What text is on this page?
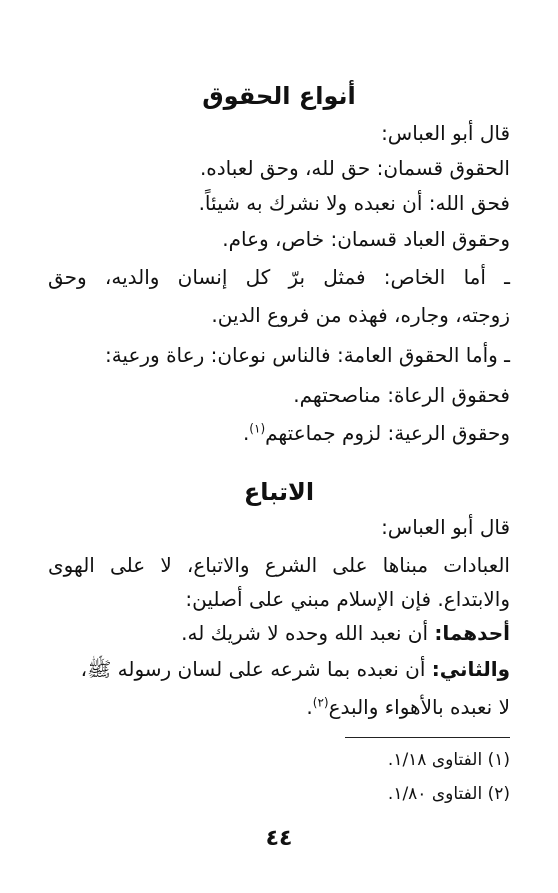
أنواع الحقوق
قال أبو العباس:
الحقوق قسمان: حق لله، وحق لعباده.
فحق الله: أن نعبده ولا نشرك به شيئاً.
وحقوق العباد قسمان: خاص، وعام.
ـ أما الخاص: فمثل برّ كل إنسان والديه، وحق
زوجته، وجاره، فهذه من فروع الدين.
ـ وأما الحقوق العامة: فالناس نوعان: رعاة ورعية:
فحقوق الرعاة: مناصحتهم.
وحقوق الرعية: لزوم جماعتهم$^{(١)}$.
الاتباع
قال أبو العباس:
العبادات مبناها على الشرع والاتباع، لا على الهوى
والابتداع. فإن الإسلام مبني على أصلين:
أحدهما: أن نعبد الله وحده لا شريك له.
والثاني: أن نعبده بما شرعه على لسان رسوله ﷺ،
لا نعبده بالأهواء والبدع$^{(٢)}$.
(١) الفتاوى ١/١٨.
(٢) الفتاوى ١/٨٠.
٤٤
